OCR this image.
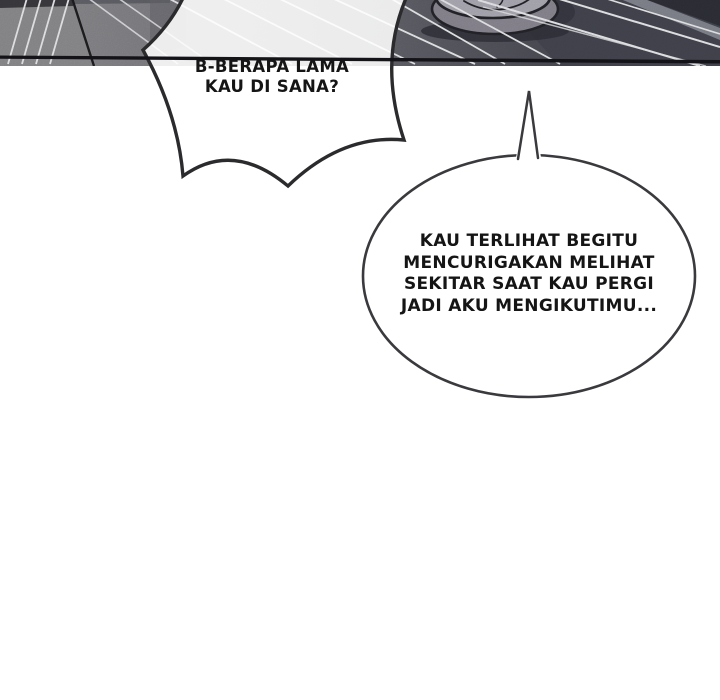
B-BERAPA LAMA
KAU DI SANA?
KAU TERLIHAT BEGITU
MENCURIGAKAN MELIHAT
SEKITAR SAAT KAU PERGI
JADI AKU MENGIKUTIMU...
